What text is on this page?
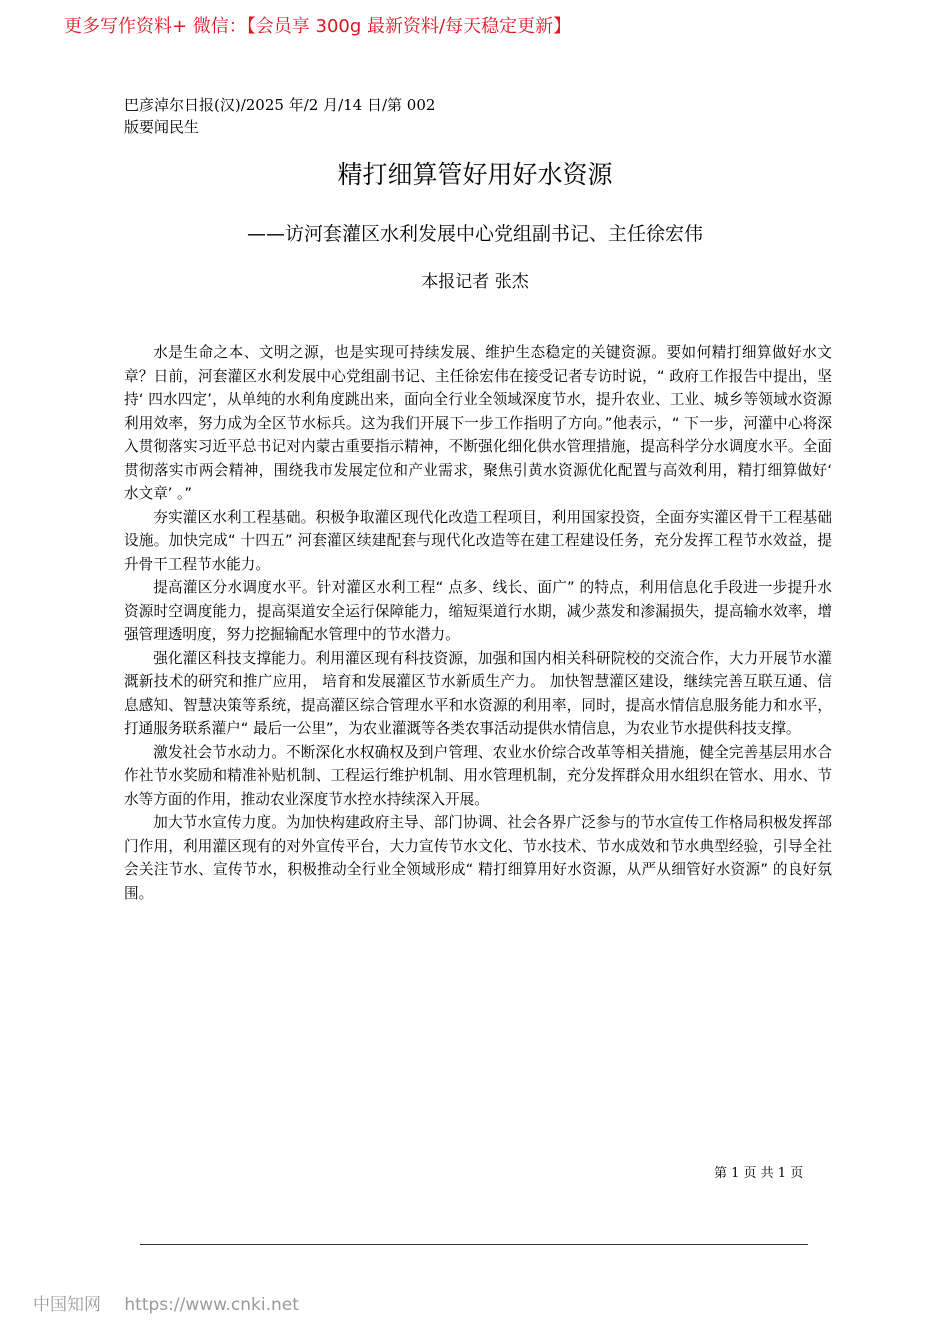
更多写作资料+ 微信：【会员享 300g 最新资料/每天稳定更新】
巴彦淖尔日报(汉)/2025 年/2 月/14 日/第 002
版要闻民生
精打细算管好用好水资源
——访河套灌区水利发展中心党组副书记、主任徐宏伟
本报记者 张杰

水是生命之本、文明之源，也是实现可持续发展、维护生态稳定的关键资源。要如何精打细算做好水文章？日前，河套灌区水利发展中心党组副书记、主任徐宏伟在接受记者专访时说，“ 政府工作报告中提出，坚持‘ 四水四定’，从单纯的水利角度跳出来，面向全行业全领域深度节水，提升农业、工业、城乡等领域水资源利用效率，努力成为全区节水标兵。这为我们开展下一步工作指明了方向。”他表示，“ 下一步，河灌中心将深入贯彻落实习近平总书记对内蒙古重要指示精神，不断强化细化供水管理措施，提高科学分水调度水平。全面贯彻落实市两会精神，围绕我市发展定位和产业需求，聚焦引黄水资源优化配置与高效利用，精打细算做好‘ 水文章’ 。”

夯实灌区水利工程基础。积极争取灌区现代化改造工程项目，利用国家投资，全面夯实灌区骨干工程基础设施。加快完成“ 十四五” 河套灌区续建配套与现代化改造等在建工程建设任务，充分发挥工程节水效益，提升骨干工程节水能力。

提高灌区分水调度水平。针对灌区水利工程“ 点多、线长、面广” 的特点，利用信息化手段进一步提升水资源时空调度能力，提高渠道安全运行保障能力，缩短渠道行水期，减少蒸发和渗漏损失，提高输水效率，增强管理透明度，努力挖掘输配水管理中的节水潜力。

强化灌区科技支撑能力。利用灌区现有科技资源，加强和国内相关科研院校的交流合作，大力开展节水灌溉新技术的研究和推广应用， 培育和发展灌区节水新质生产力。 加快智慧灌区建设，继续完善互联互通、信息感知、智慧决策等系统，提高灌区综合管理水平和水资源的利用率，同时，提高水情信息服务能力和水平，打通服务联系灌户“ 最后一公里”，为农业灌溉等各类农事活动提供水情信息，为农业节水提供科技支撑。

激发社会节水动力。不断深化水权确权及到户管理、农业水价综合改革等相关措施，健全完善基层用水合作社节水奖励和精准补贴机制、工程运行维护机制、用水管理机制，充分发挥群众用水组织在管水、用水、节水等方面的作用，推动农业深度节水控水持续深入开展。

加大节水宣传力度。为加快构建政府主导、部门协调、社会各界广泛参与的节水宣传工作格局积极发挥部门作用，利用灌区现有的对外宣传平台，大力宣传节水文化、节水技术、节水成效和节水典型经验，引导全社会关注节水、宣传节水，积极推动全行业全领域形成“ 精打细算用好水资源，从严从细管好水资源” 的良好氛围。

第 1 页 共 1 页
中国知网 https://www.cnki.net
